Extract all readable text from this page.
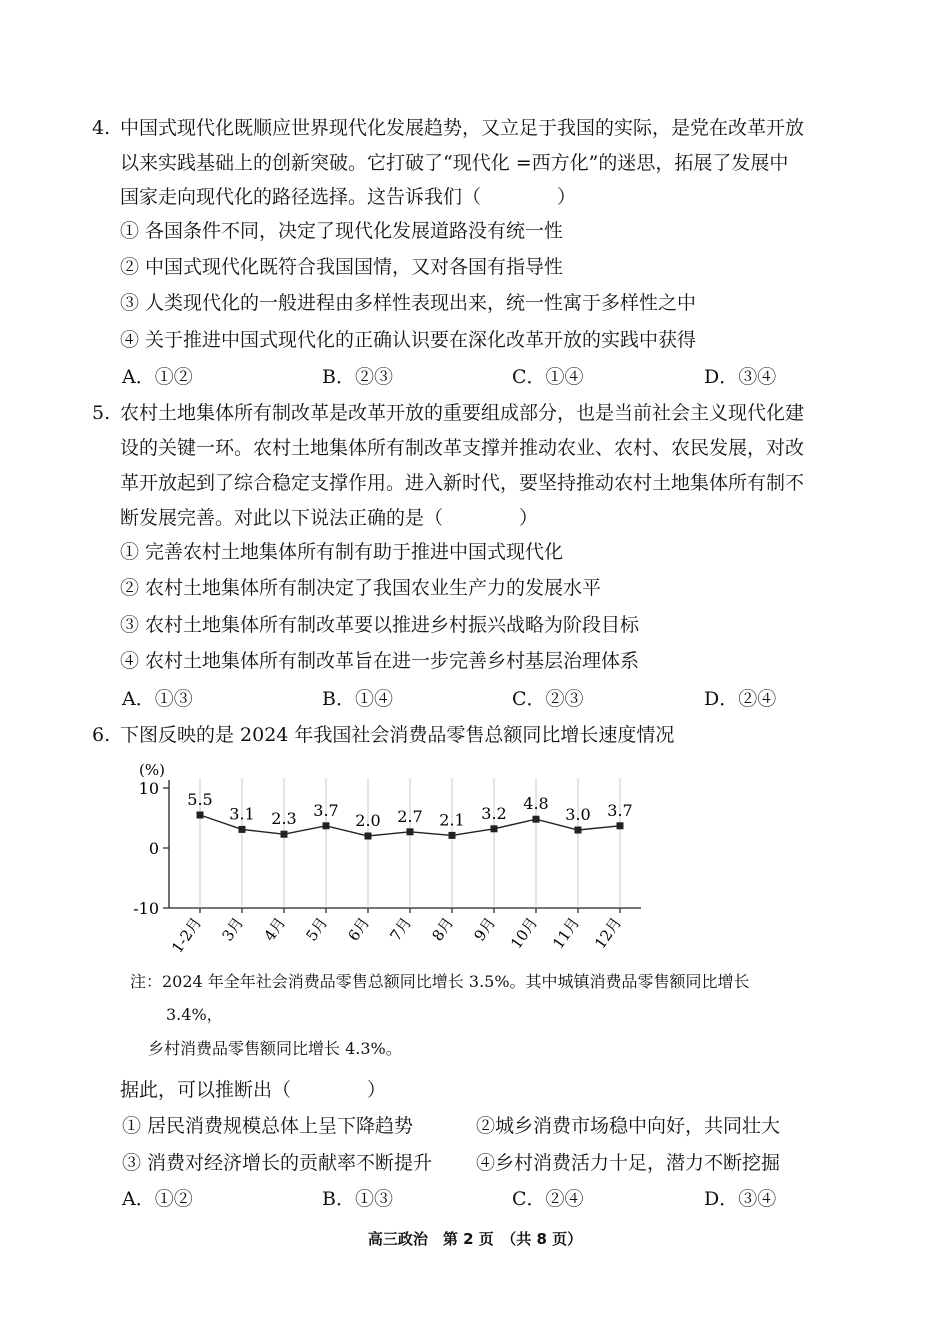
4. 中国式现代化既顺应世界现代化发展趋势，又立足于我国的实际，是党在改革开放
以来实践基础上的创新突破。它打破了“现代化 =西方化”的迷思，拓展了发展中
国家走向现代化的路径选择。这告诉我们（　　　　）
① 各国条件不同，决定了现代化发展道路没有统一性
② 中国式现代化既符合我国国情，又对各国有指导性
③ 人类现代化的一般进程由多样性表现出来，统一性寓于多样性之中
④ 关于推进中国式现代化的正确认识要在深化改革开放的实践中获得
A．①②	B．②③	C．①④	D．③④
5. 农村土地集体所有制改革是改革开放的重要组成部分，也是当前社会主义现代化建
设的关键一环。农村土地集体所有制改革支撑并推动农业、农村、农民发展，对改
革开放起到了综合稳定支撑作用。进入新时代，要坚持推动农村土地集体所有制不
断发展完善。对此以下说法正确的是（　　　　）
① 完善农村土地集体所有制有助于推进中国式现代化
② 农村土地集体所有制决定了我国农业生产力的发展水平
③ 农村土地集体所有制改革要以推进乡村振兴战略为阶段目标
④ 农村土地集体所有制改革旨在进一步完善乡村基层治理体系
A．①③	B．①④	C．②③	D．②④
6. 下图反映的是 2024 年我国社会消费品零售总额同比增长速度情况
(%)
10
0
-10
5.5
3.1 2.3 3.7
2.0 2.7 2.1 3.2
4.8
3.0 3.7
1-2月 3月 4月 5月 6月 7月 8月 9月 10月 11月 12月
注：2024 年全年社会消费品零售总额同比增长 3.5%。其中城镇消费品零售额同比增长
3.4%，
乡村消费品零售额同比增长 4.3%。
据此，可以推断出（　　　　）
① 居民消费规模总体上呈下降趋势	②城乡消费市场稳中向好，共同壮大
③ 消费对经济增长的贡献率不断提升 ④乡村消费活力十足，潜力不断挖掘
A．①②	B．①③	C．②④	D．③④
高三政治　第 2 页　（共 8 页）
